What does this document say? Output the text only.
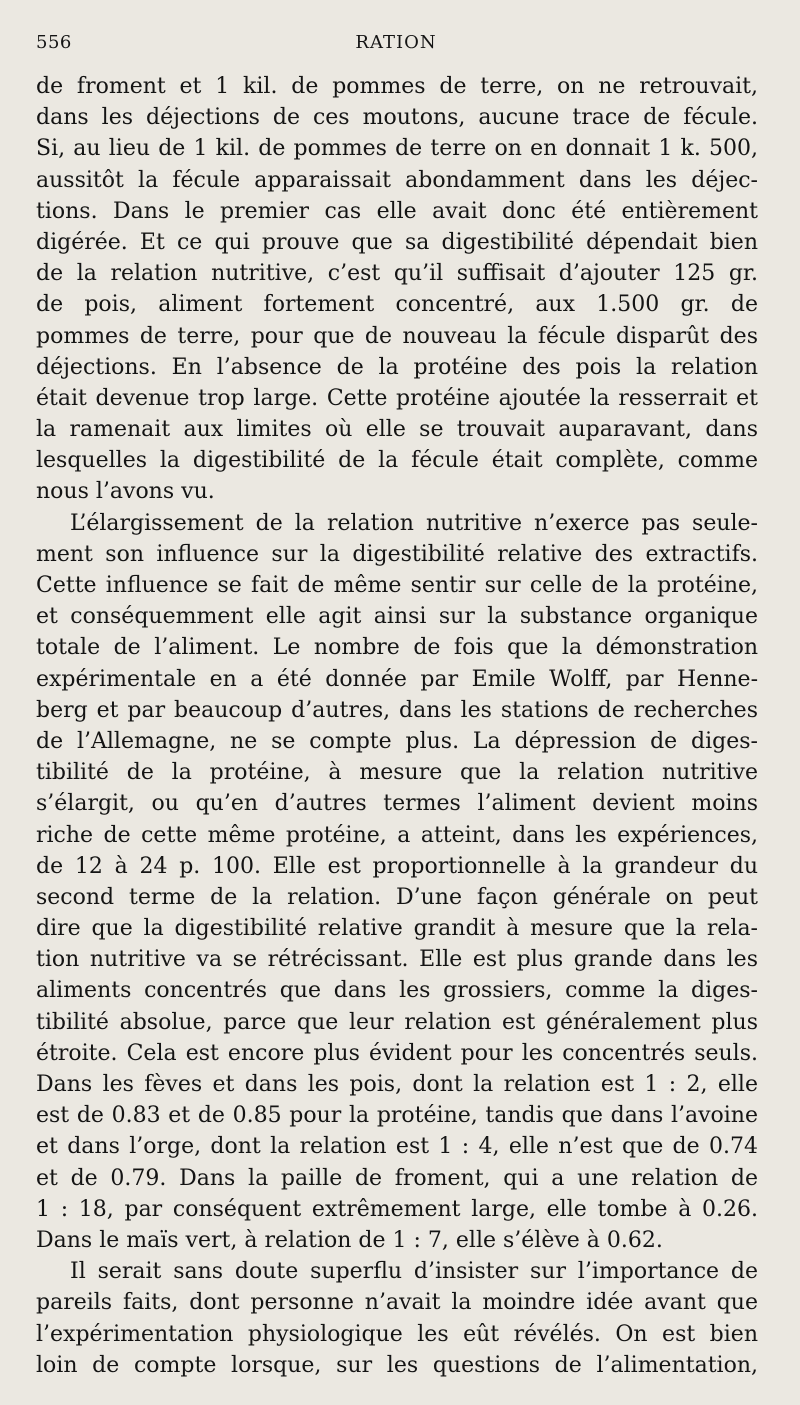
556	RATION
de froment et 1 kil. de pommes de terre, on ne retrouvait,
dans les déjections de ces moutons, aucune trace de fécule.
Si, au lieu de 1 kil. de pommes de terre on en donnait 1 k. 500,
aussitôt la fécule apparaissait abondamment dans les déjec-
tions. Dans le premier cas elle avait donc été entièrement
digérée. Et ce qui prouve que sa digestibilité dépendait bien
de la relation nutritive, c’est qu’il suffisait d’ajouter 125 gr.
de pois, aliment fortement concentré, aux 1.500 gr. de
pommes de terre, pour que de nouveau la fécule disparût des
déjections. En l’absence de la protéine des pois la relation
était devenue trop large. Cette protéine ajoutée la resserrait et
la ramenait aux limites où elle se trouvait auparavant, dans
lesquelles la digestibilité de la fécule était complète, comme
nous l’avons vu.
L’élargissement de la relation nutritive n’exerce pas seule-
ment son influence sur la digestibilité relative des extractifs.
Cette influence se fait de même sentir sur celle de la protéine,
et conséquemment elle agit ainsi sur la substance organique
totale de l’aliment. Le nombre de fois que la démonstration
expérimentale en a été donnée par Emile Wolff, par Henne-
berg et par beaucoup d’autres, dans les stations de recherches
de l’Allemagne, ne se compte plus. La dépression de diges-
tibilité de la protéine, à mesure que la relation nutritive
s’élargit, ou qu’en d’autres termes l’aliment devient moins
riche de cette même protéine, a atteint, dans les expériences,
de 12 à 24 p. 100. Elle est proportionnelle à la grandeur du
second terme de la relation. D’une façon générale on peut
dire que la digestibilité relative grandit à mesure que la rela-
tion nutritive va se rétrécissant. Elle est plus grande dans les
aliments concentrés que dans les grossiers, comme la diges-
tibilité absolue, parce que leur relation est généralement plus
étroite. Cela est encore plus évident pour les concentrés seuls.
Dans les fèves et dans les pois, dont la relation est 1 : 2, elle
est de 0.83 et de 0.85 pour la protéine, tandis que dans l’avoine
et dans l’orge, dont la relation est 1 : 4, elle n’est que de 0.74
et de 0.79. Dans la paille de froment, qui a une relation de
1 : 18, par conséquent extrêmement large, elle tombe à 0.26.
Dans le maïs vert, à relation de 1 : 7, elle s’élève à 0.62.
Il serait sans doute superflu d’insister sur l’importance de
pareils faits, dont personne n’avait la moindre idée avant que
l’expérimentation physiologique les eût révélés. On est bien
loin de compte lorsque, sur les questions de l’alimentation,
